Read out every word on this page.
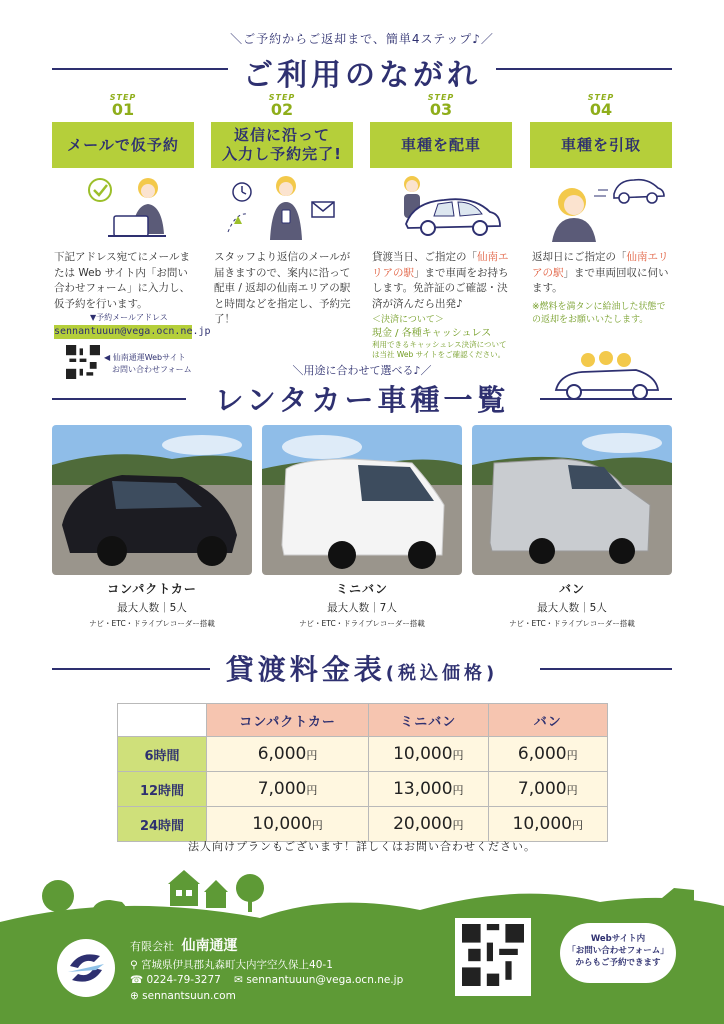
＼ご予約からご返却まで、簡単4ステップ♪／
ご利用のながれ
STEP
01
メールで仮予約
STEP
02
返信に沿って
入力し予約完了!
STEP
03
車種を配車
STEP
04
車種を引取
下記アドレス宛てにメールまたは Web サイト内「お問い合わせフォーム」に入力し、仮予約を行います。
スタッフより返信のメールが届きますので、案内に沿って配車 / 返却の仙南エリアの駅と時間などを指定し、予約完了！
貸渡当日、ご指定の「仙南エリアの駅」まで車両をお持ちします。免許証のご確認・決済が済んだら出発♪
＜決済について＞
現金 / 各種キャッシュレス
利用できるキャッシュレス決済については当社 Web サイトをご確認ください。
返却日にご指定の「仙南エリアの駅」まで車両回収に伺います。
※燃料を満タンに給油した状態での返却をお願いいたします。
▼予約メールアドレス
sennantuuun@vega.ocn.ne.jp
◀ 仙南通運Webサイト
お問い合わせフォーム	＼用途に合わせて選べる♪／
レンタカー車種一覧
コンパクトカー
最大人数｜5人
ナビ・ETC・ドライブレコーダー搭載
ミニバン
最大人数｜7人
ナビ・ETC・ドライブレコーダー搭載
バン
最大人数｜5人
ナビ・ETC・ドライブレコーダー搭載
貸渡料金表(税込価格)
	コンパクトカー	ミニバン	バン
6時間	6,000円	10,000円	6,000円
12時間	7,000円	13,000円	7,000円
24時間	10,000円	20,000円	10,000円
法人向けプランもございます！詳しくはお問い合わせください。
有限会社 仙南通運
⚲ 宮城県伊具郡丸森町大内字空久保上40-1
☎ 0224-79-3277 ✉ sennantuuun@vega.ocn.ne.jp
⊕ sennantsuun.com
Webサイト内
「お問い合わせフォーム」
からもご予約できます
